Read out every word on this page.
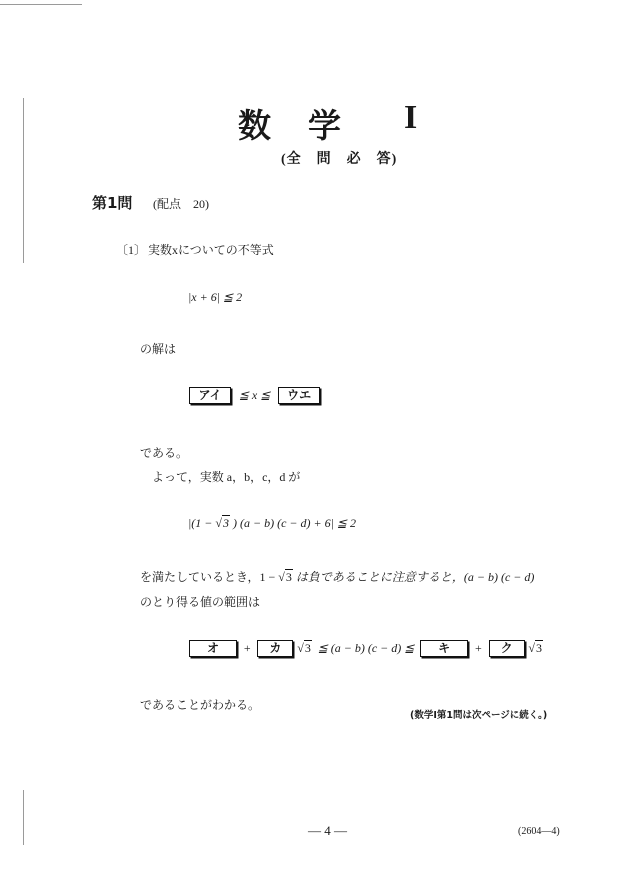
数　学 I
(全　問　必　答)
第1問 (配点　20)
〔1〕 実数xについての不等式
|x + 6| ≦ 2
の解は
アイ ≦ x ≦ ウエ
である。
よって，実数 a，b，c，d が
|(1 − √3 ) (a − b) (c − d) + 6| ≦ 2
を満たしているとき，1 − √3 は負であることに注意すると，(a − b) (c − d)
のとり得る値の範囲は
オ + カ √3 ≦ (a − b) (c − d) ≦ キ + ク √3
であることがわかる。
(数学I第1問は次ページに続く。)
— 4 —	(2604—4)
